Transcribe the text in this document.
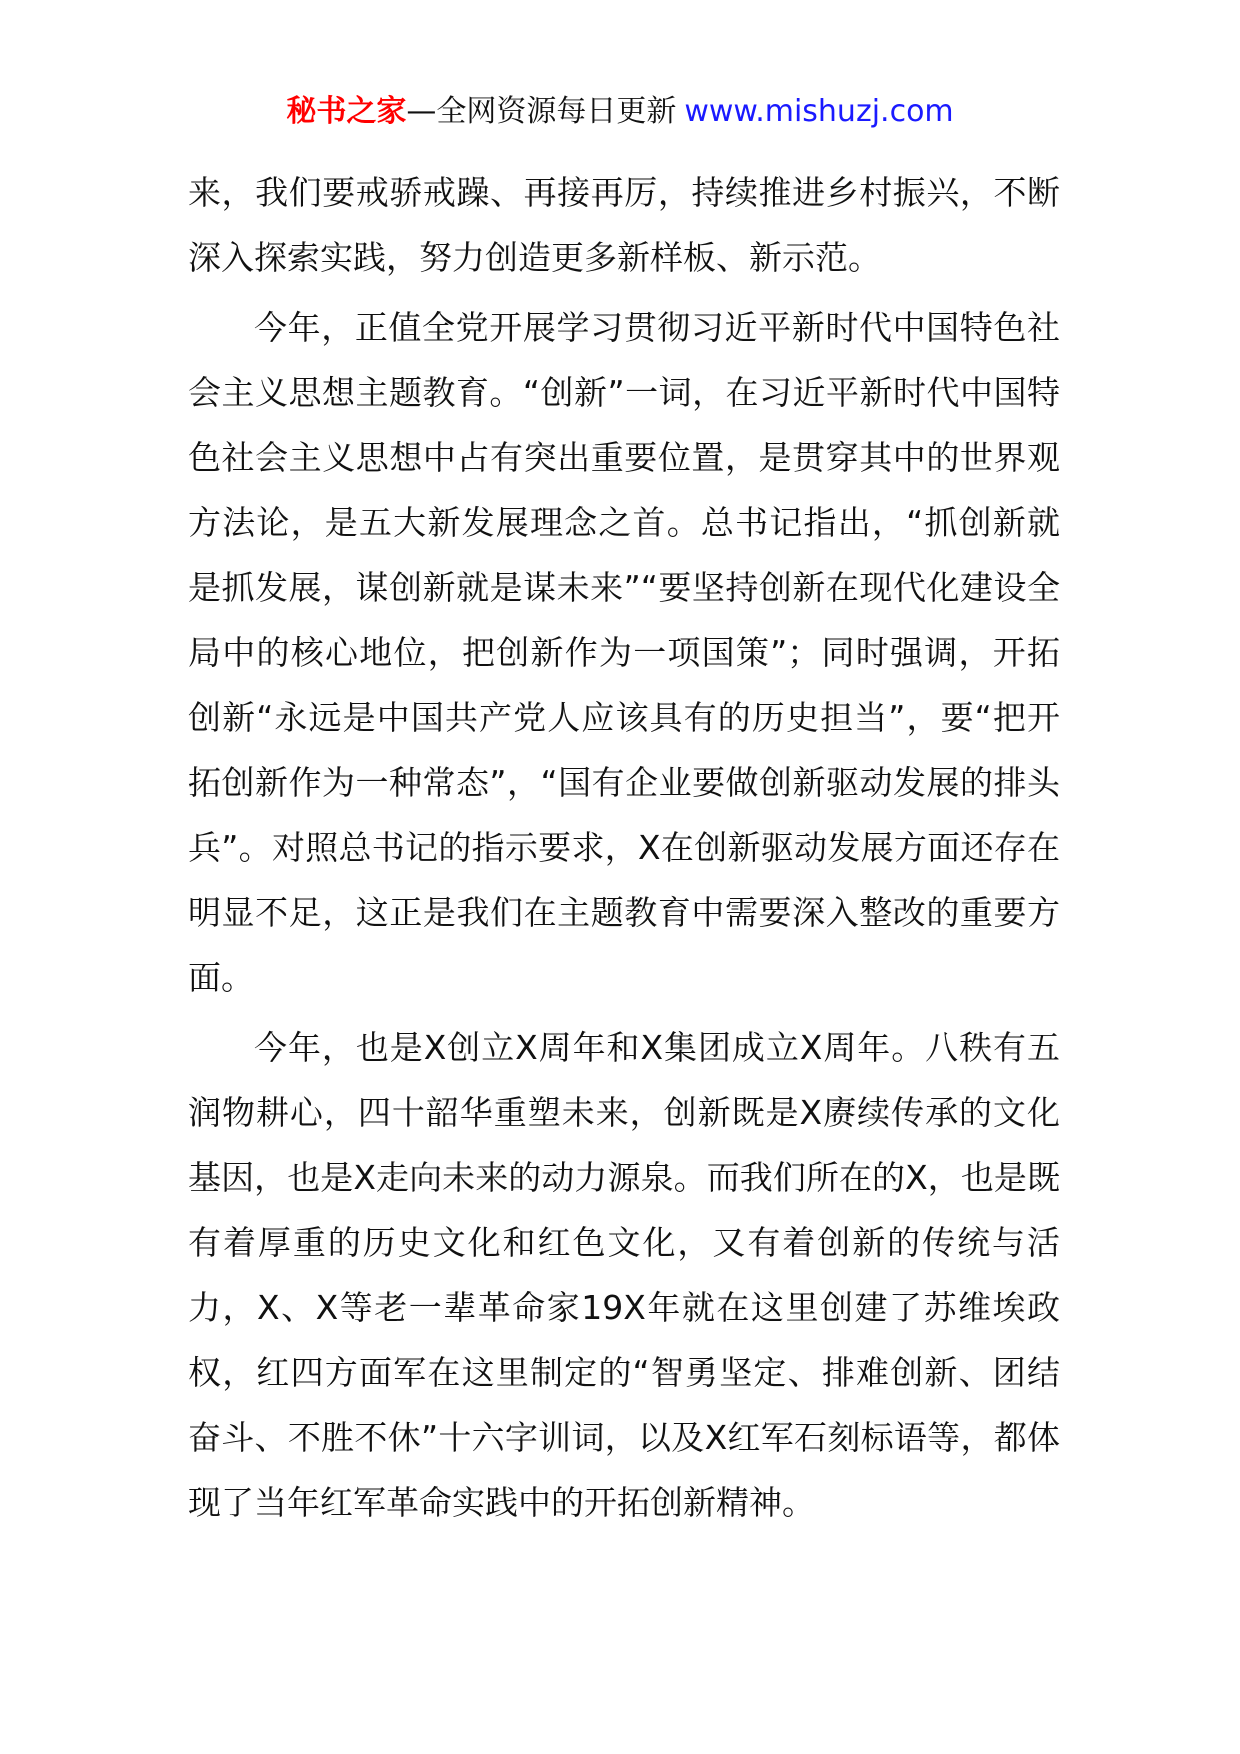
秘书之家—全网资源每日更新 www.mishuzj.com

来，我们要戒骄戒躁、再接再厉，持续推进乡村振兴，不断深入探索实践，努力创造更多新样板、新示范。

今年，正值全党开展学习贯彻习近平新时代中国特色社会主义思想主题教育。“创新”一词，在习近平新时代中国特色社会主义思想中占有突出重要位置，是贯穿其中的世界观方法论，是五大新发展理念之首。总书记指出，“抓创新就是抓发展，谋创新就是谋未来”“要坚持创新在现代化建设全局中的核心地位，把创新作为一项国策”；同时强调，开拓创新“永远是中国共产党人应该具有的历史担当”，要“把开拓创新作为一种常态”，“国有企业要做创新驱动发展的排头兵”。对照总书记的指示要求，X在创新驱动发展方面还存在明显不足，这正是我们在主题教育中需要深入整改的重要方面。

今年，也是X创立X周年和X集团成立X周年。八秩有五润物耕心，四十韶华重塑未来，创新既是X赓续传承的文化基因，也是X走向未来的动力源泉。而我们所在的X，也是既有着厚重的历史文化和红色文化，又有着创新的传统与活力，X、X等老一辈革命家19X年就在这里创建了苏维埃政权，红四方面军在这里制定的“智勇坚定、排难创新、团结奋斗、不胜不休”十六字训词，以及X红军石刻标语等，都体现了当年红军革命实践中的开拓创新精神。
